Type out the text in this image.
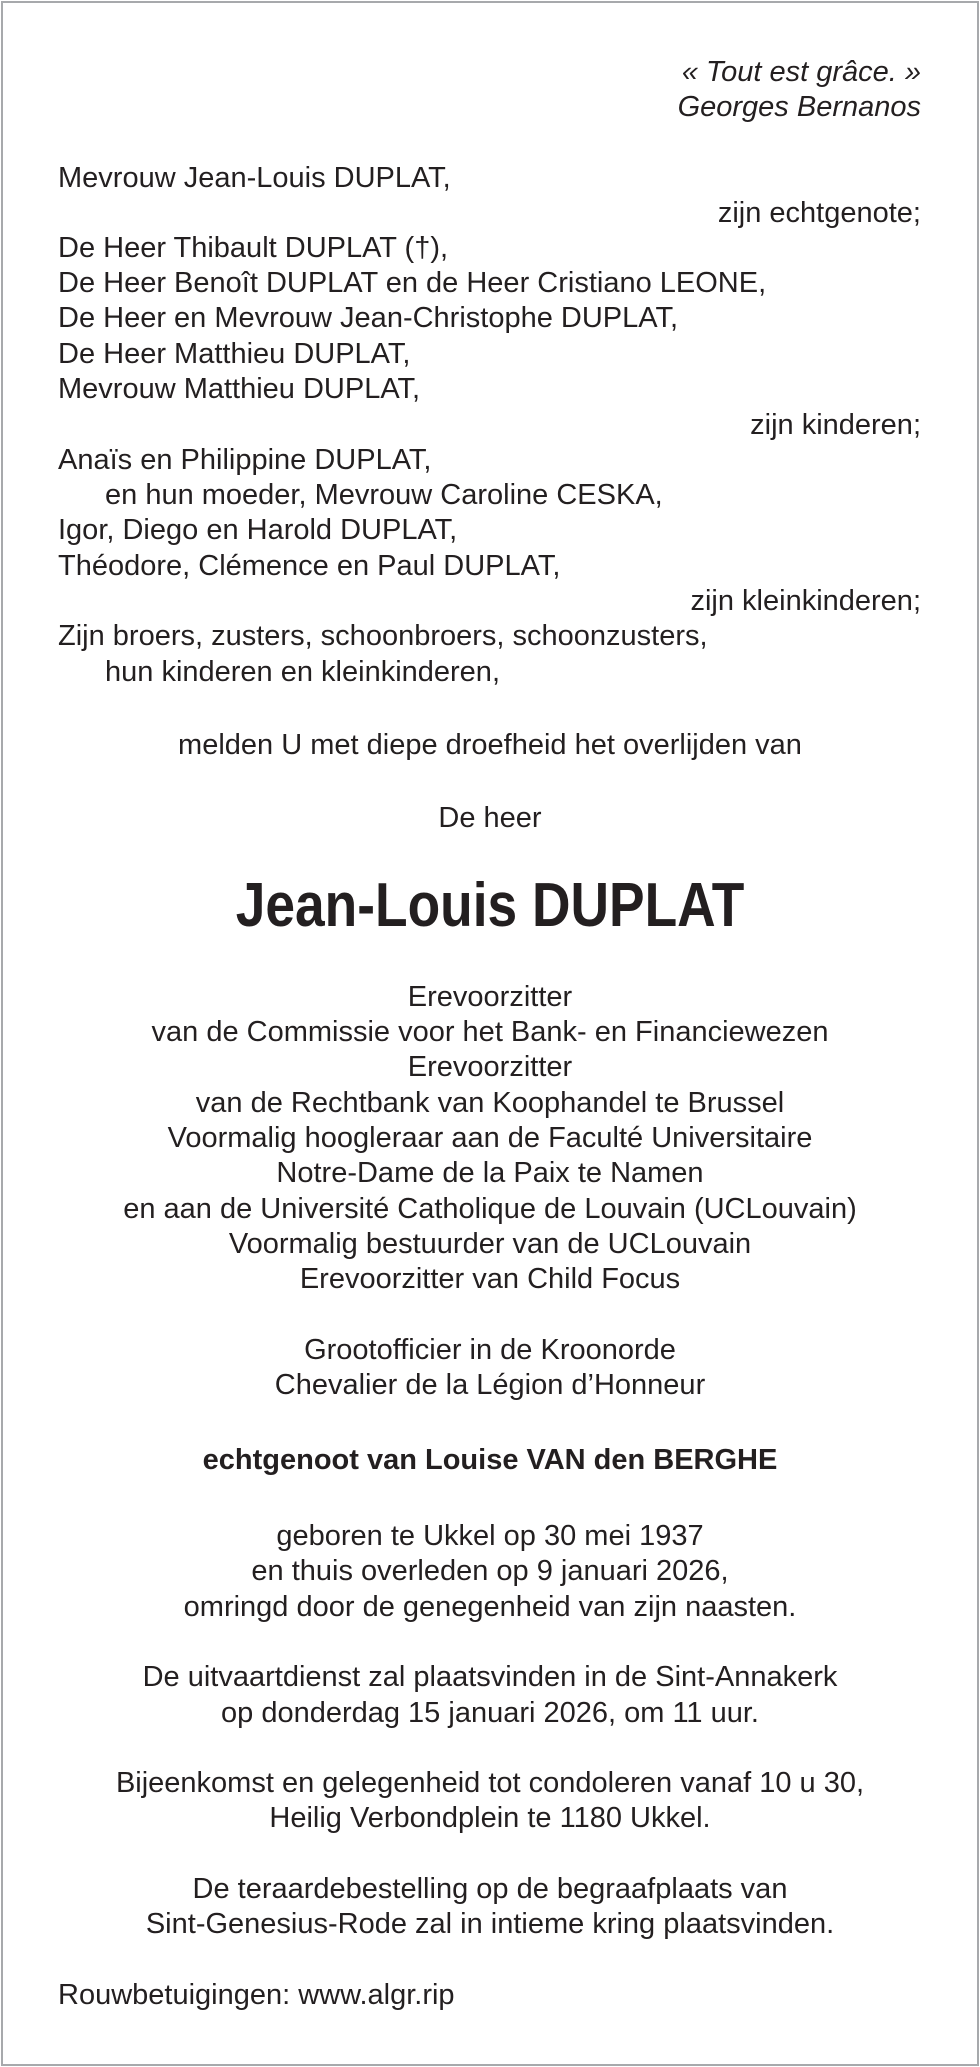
« Tout est grâce. »
Georges Bernanos
Mevrouw Jean-Louis DUPLAT,
zijn echtgenote;
De Heer Thibault DUPLAT (†),
De Heer Benoît DUPLAT en de Heer Cristiano LEONE,
De Heer en Mevrouw Jean-Christophe DUPLAT,
De Heer Matthieu DUPLAT,
Mevrouw Matthieu DUPLAT,
zijn kinderen;
Anaïs en Philippine DUPLAT,
en hun moeder, Mevrouw Caroline CESKA,
Igor, Diego en Harold DUPLAT,
Théodore, Clémence en Paul DUPLAT,
zijn kleinkinderen;
Zijn broers, zusters, schoonbroers, schoonzusters,
hun kinderen en kleinkinderen,
melden U met diepe droefheid het overlijden van
De heer
Jean-Louis DUPLAT
Erevoorzitter
van de Commissie voor het Bank- en Financiewezen
Erevoorzitter
van de Rechtbank van Koophandel te Brussel
Voormalig hoogleraar aan de Faculté Universitaire
Notre-Dame de la Paix te Namen
en aan de Université Catholique de Louvain (UCLouvain)
Voormalig bestuurder van de UCLouvain
Erevoorzitter van Child Focus
Grootofficier in de Kroonorde
Chevalier de la Légion d’Honneur
echtgenoot van Louise VAN den BERGHE
geboren te Ukkel op 30 mei 1937
en thuis overleden op 9 januari 2026,
omringd door de genegenheid van zijn naasten.
De uitvaartdienst zal plaatsvinden in de Sint-Annakerk
op donderdag 15 januari 2026, om 11 uur.
Bijeenkomst en gelegenheid tot condoleren vanaf 10 u 30,
Heilig Verbondplein te 1180 Ukkel.
De teraardebestelling op de begraafplaats van
Sint-Genesius-Rode zal in intieme kring plaatsvinden.
Rouwbetuigingen: www.algr.rip
